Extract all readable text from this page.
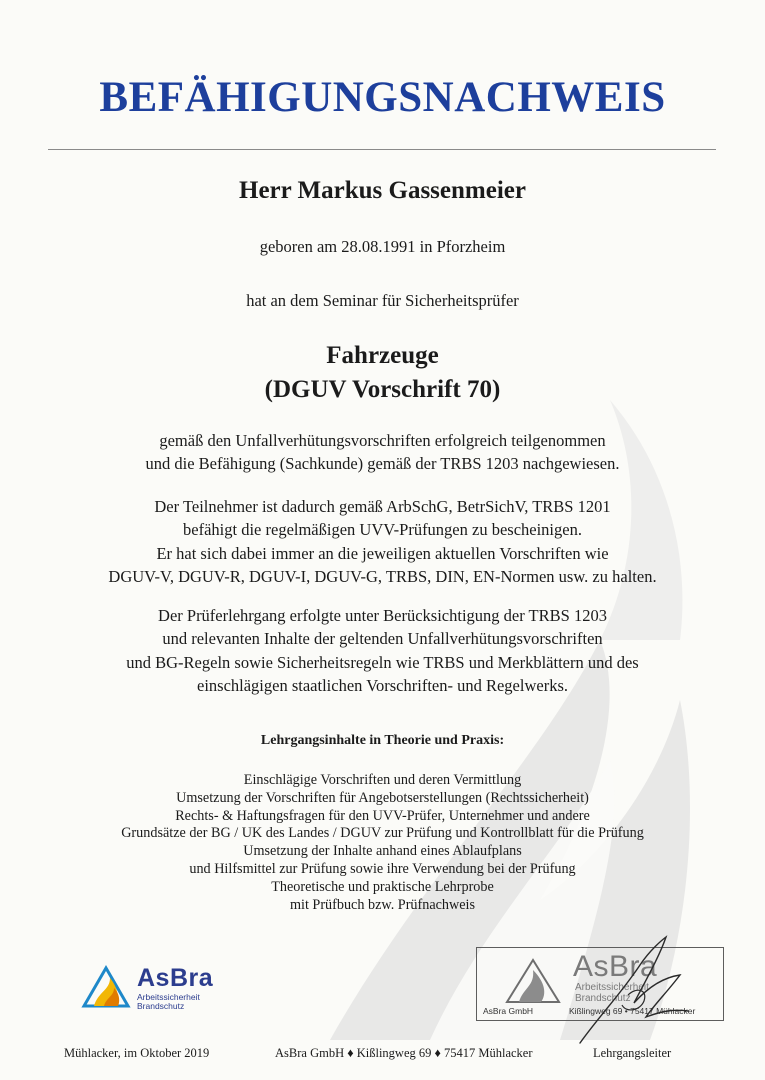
BEFÄHIGUNGSNACHWEIS
Herr Markus Gassenmeier
geboren am 28.08.1991 in Pforzheim
hat an dem Seminar für Sicherheitsprüfer
Fahrzeuge
(DGUV Vorschrift 70)
gemäß den Unfallverhütungsvorschriften erfolgreich teilgenommen
und die Befähigung (Sachkunde) gemäß der TRBS 1203 nachgewiesen.
Der Teilnehmer ist dadurch gemäß ArbSchG, BetrSichV, TRBS 1201
befähigt die regelmäßigen UVV-Prüfungen zu bescheinigen.
Er hat sich dabei immer an die jeweiligen aktuellen Vorschriften wie
DGUV-V, DGUV-R, DGUV-I, DGUV-G, TRBS, DIN, EN-Normen usw. zu halten.
Der Prüferlehrgang erfolgte unter Berücksichtigung der TRBS 1203
und relevanten Inhalte der geltenden Unfallverhütungsvorschriften
und BG-Regeln sowie Sicherheitsregeln wie TRBS und Merkblättern und des
einschlägigen staatlichen Vorschriften- und Regelwerks.
Lehrgangsinhalte in Theorie und Praxis:
Einschlägige Vorschriften und deren Vermittlung
Umsetzung der Vorschriften für Angebotserstellungen (Rechtssicherheit)
Rechts- & Haftungsfragen für den UVV-Prüfer, Unternehmer und andere
Grundsätze der BG / UK des Landes / DGUV zur Prüfung und Kontrollblatt für die Prüfung
Umsetzung der Inhalte anhand eines Ablaufplans
und Hilfsmittel zur Prüfung sowie ihre Verwendung bei der Prüfung
Theoretische und praktische Lehrprobe
mit Prüfbuch bzw. Prüfnachweis
AsBra
Arbeitssicherheit
Brandschutz
AsBra
Arbeitssicherheit
Brandschutz
AsBra GmbH	Kißlingweg 69 • 75417 Mühlacker
Mühlacker, im Oktober 2019	AsBra GmbH ♦ Kißlingweg 69 ♦ 75417 Mühlacker	Lehrgangsleiter
